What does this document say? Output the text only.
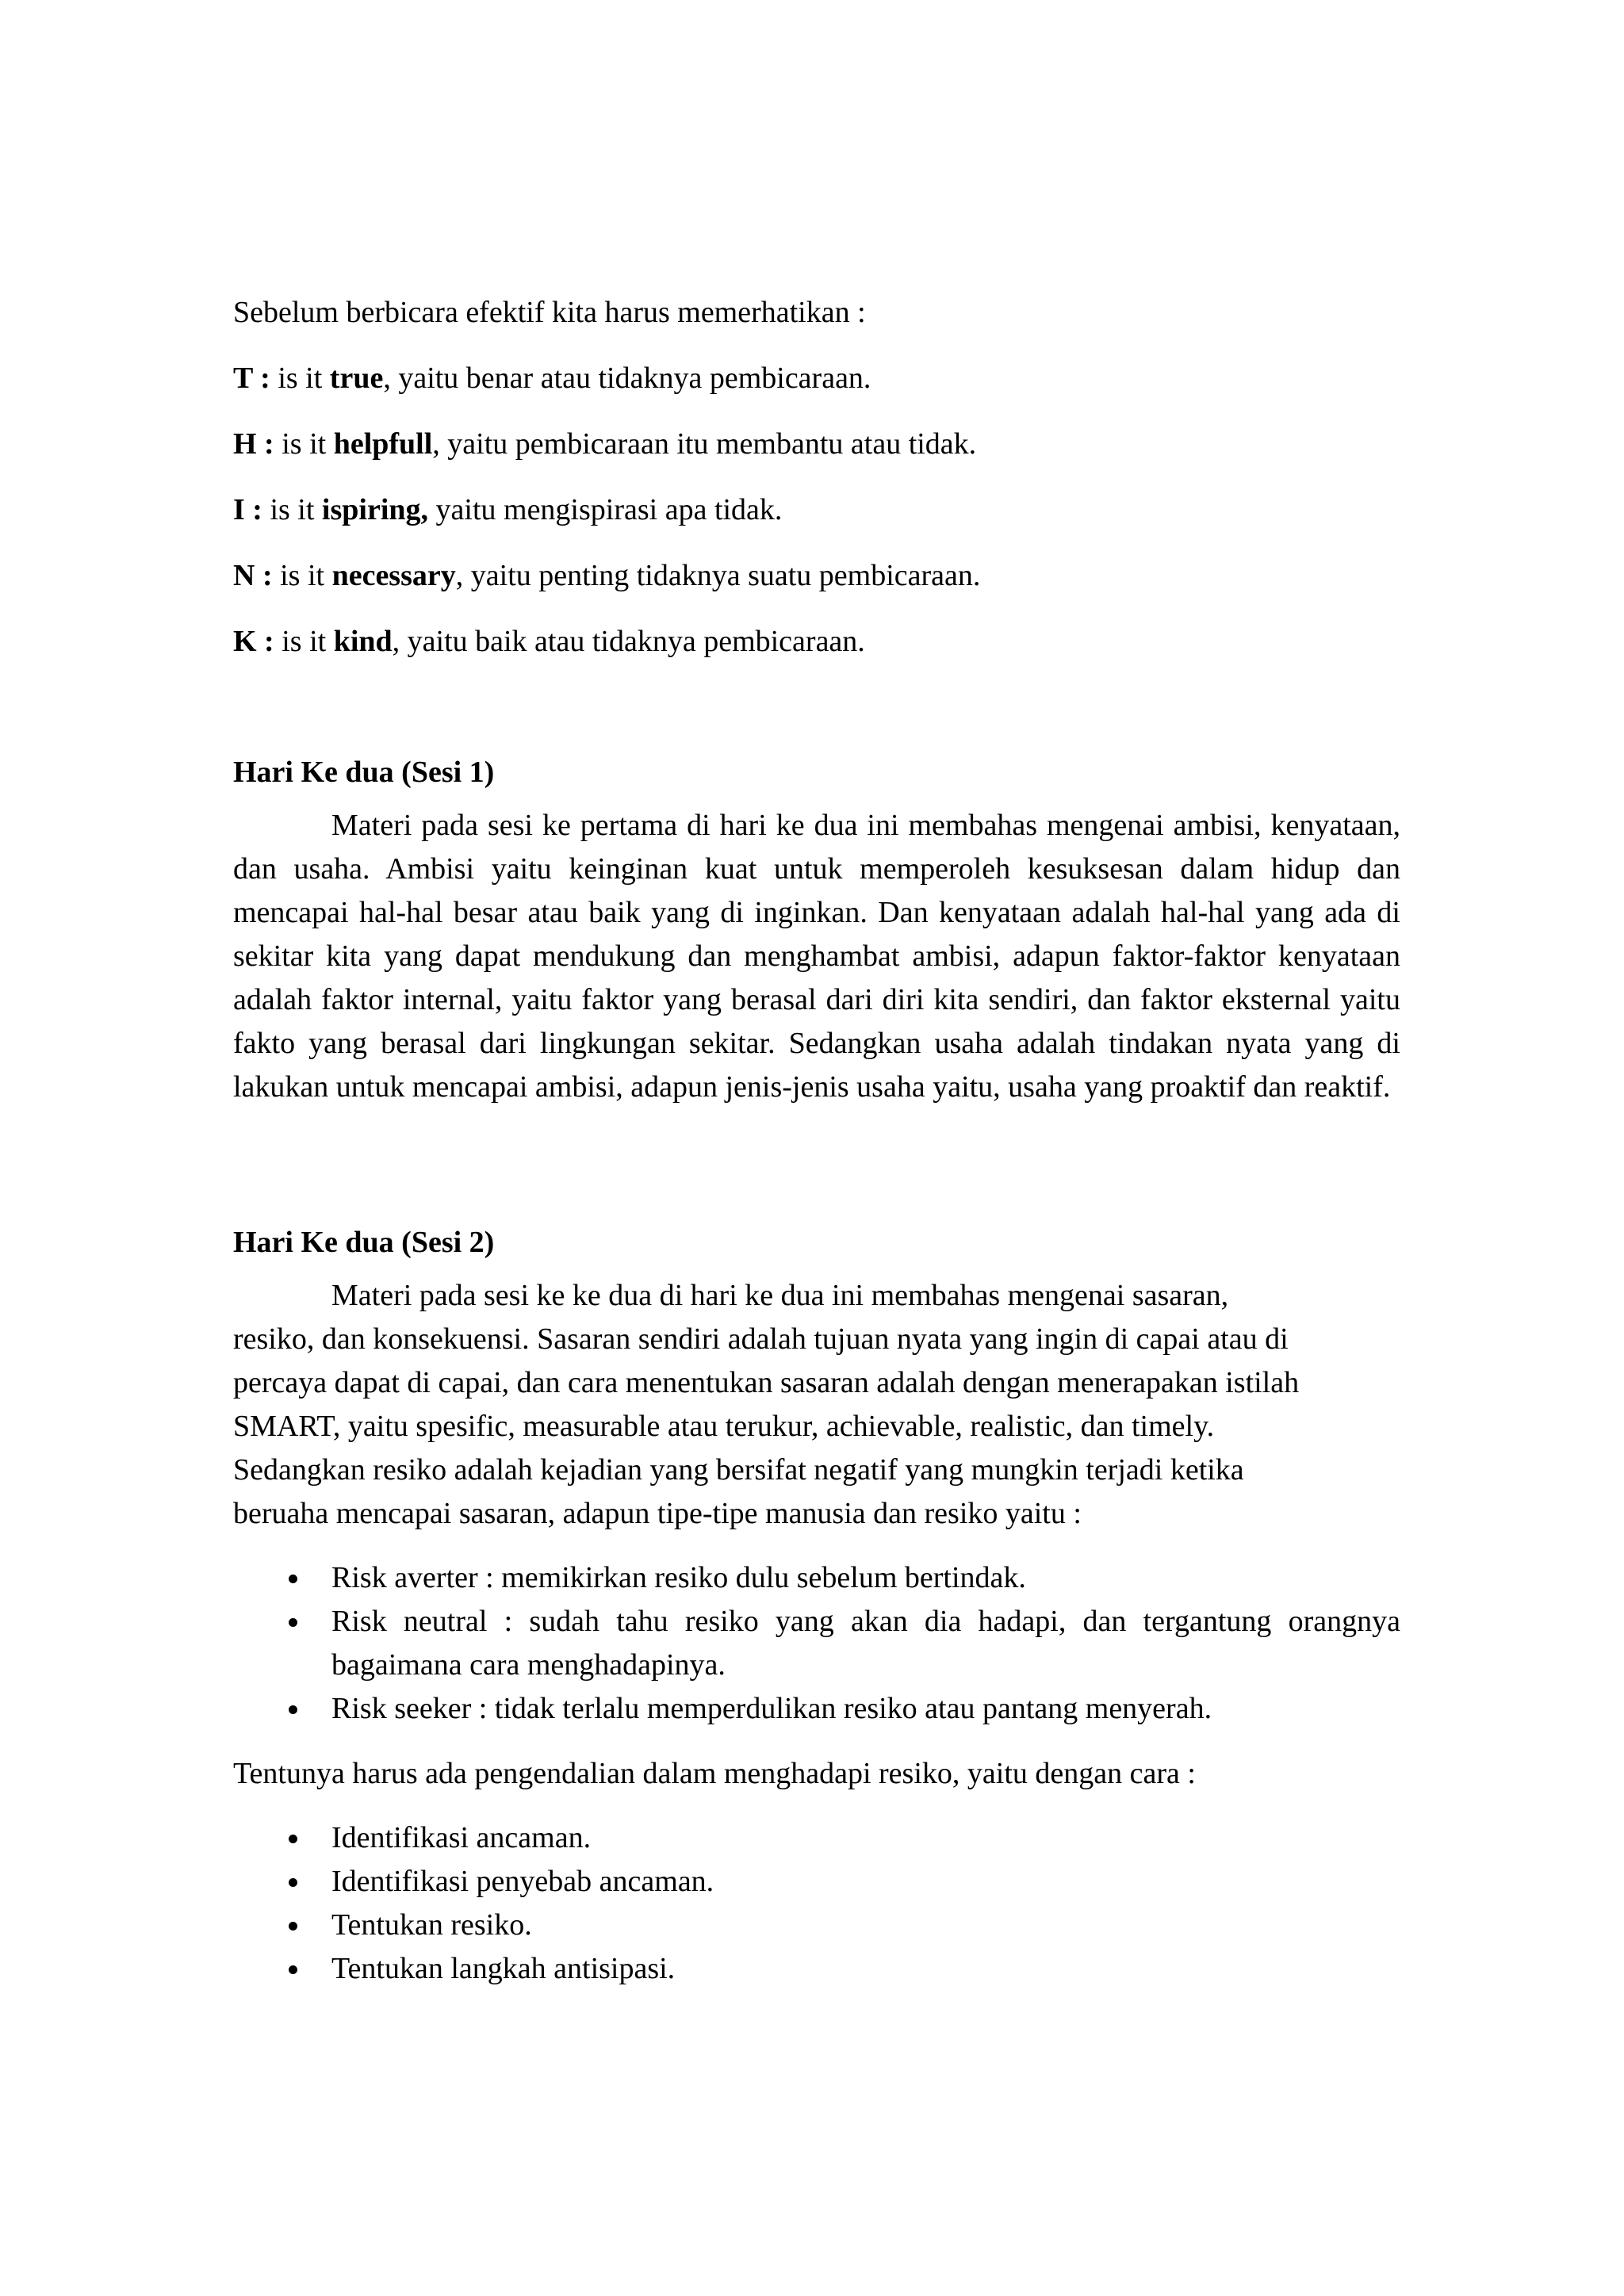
Sebelum berbicara efektif kita harus memerhatikan :
T : is it true, yaitu benar atau tidaknya pembicaraan.
H : is it helpfull, yaitu pembicaraan itu membantu atau tidak.
I : is it ispiring, yaitu mengispirasi apa tidak.
N : is it necessary, yaitu penting tidaknya suatu pembicaraan.
K : is it kind, yaitu baik atau tidaknya pembicaraan.
Hari Ke dua (Sesi 1)
Materi pada sesi ke pertama di hari ke dua ini membahas mengenai ambisi, kenyataan, dan usaha. Ambisi yaitu keinginan kuat untuk memperoleh kesuksesan dalam hidup dan mencapai hal-hal besar atau baik yang di inginkan. Dan kenyataan adalah hal-hal yang ada di sekitar kita yang dapat mendukung dan menghambat ambisi, adapun faktor-faktor kenyataan adalah faktor internal, yaitu faktor yang berasal dari diri kita sendiri, dan faktor eksternal yaitu fakto yang berasal dari lingkungan sekitar. Sedangkan usaha adalah tindakan nyata yang di lakukan untuk mencapai ambisi, adapun jenis-jenis usaha yaitu, usaha yang proaktif dan reaktif.
Hari Ke dua (Sesi 2)
Materi pada sesi ke ke dua di hari ke dua ini membahas mengenai sasaran,
resiko, dan konsekuensi. Sasaran sendiri adalah tujuan nyata yang ingin di capai atau di
percaya dapat di capai, dan cara menentukan sasaran adalah dengan menerapakan istilah
SMART, yaitu spesific, measurable atau terukur, achievable, realistic, dan timely.
Sedangkan resiko adalah kejadian yang bersifat negatif yang mungkin terjadi ketika
beruaha mencapai sasaran, adapun tipe-tipe manusia dan resiko yaitu :
Risk averter : memikirkan resiko dulu sebelum bertindak.
Risk neutral : sudah tahu resiko yang akan dia hadapi, dan tergantung orangnya bagaimana cara menghadapinya.
Risk seeker : tidak terlalu memperdulikan resiko atau pantang menyerah.
Tentunya harus ada pengendalian dalam menghadapi resiko, yaitu dengan cara :
Identifikasi ancaman.
Identifikasi penyebab ancaman.
Tentukan resiko.
Tentukan langkah antisipasi.
